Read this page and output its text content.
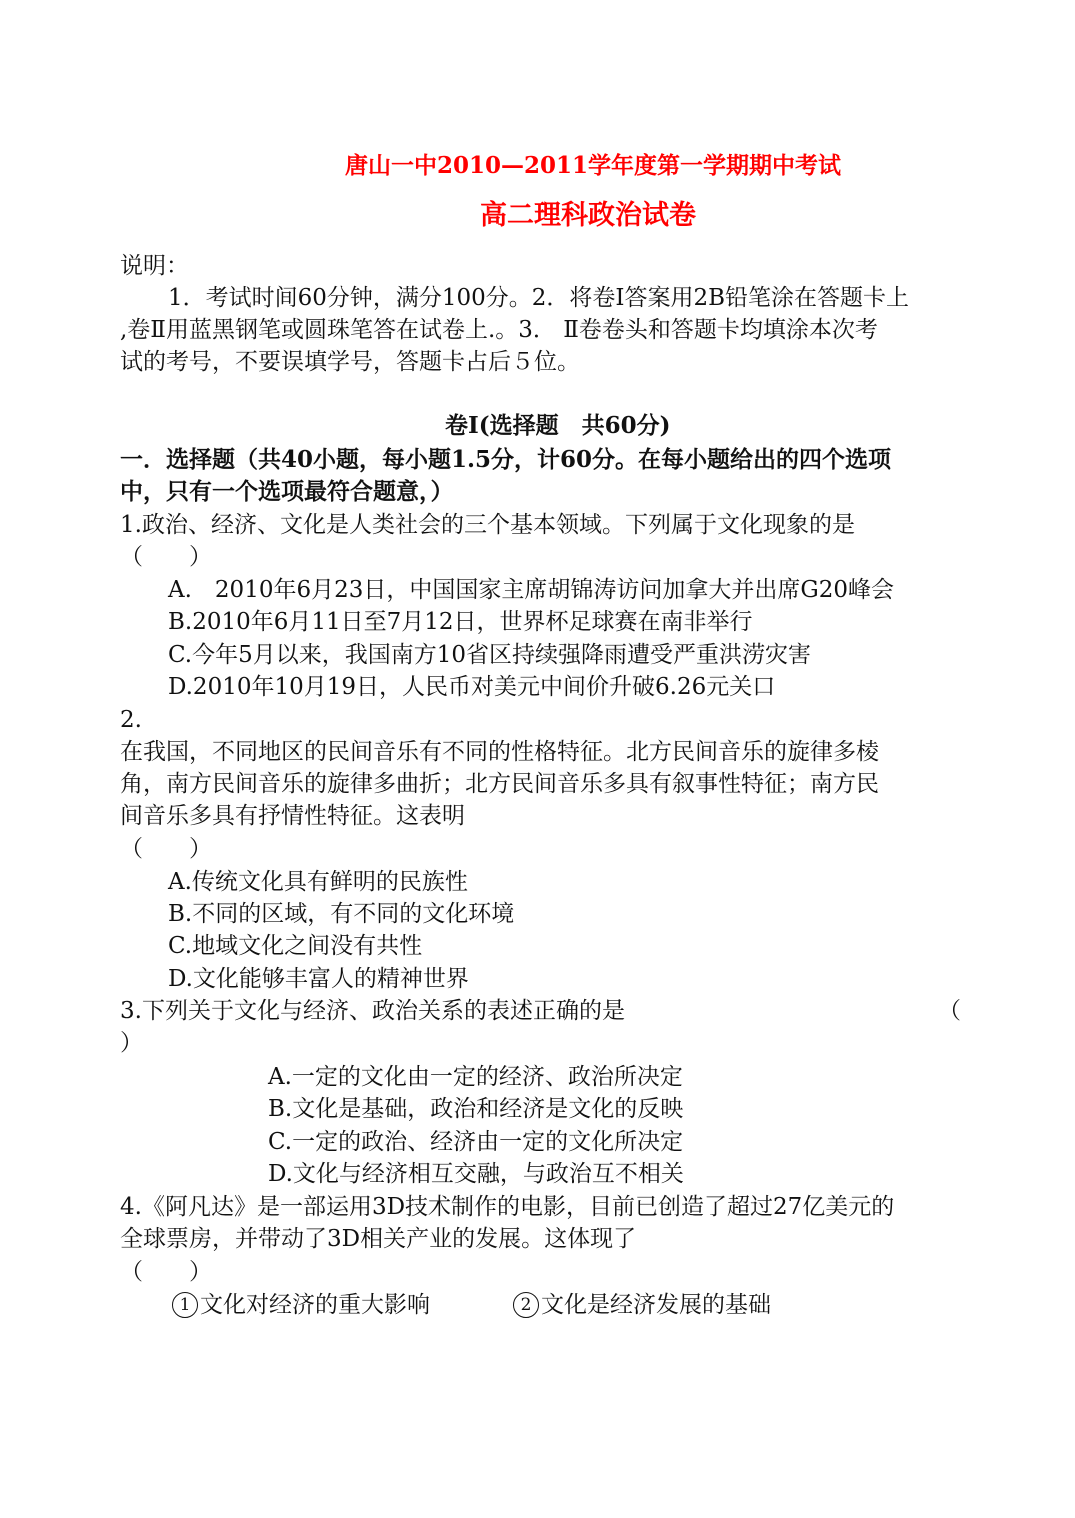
唐山一中2010—2011学年度第一学期期中考试
高二理科政治试卷
说明：
1．考试时间60分钟，满分100分。2．将卷Ⅰ答案用2B铅笔涂在答题卡上
,卷Ⅱ用蓝黑钢笔或圆珠笔答在试卷上.。3． Ⅱ卷卷头和答题卡均填涂本次考
试的考号，不要误填学号，答题卡占后５位。
卷Ⅰ(选择题　共60分)
一．选择题（共40小题，每小题1.5分，计60分。在每小题给出的四个选项
中，只有一个选项最符合题意，）
1.政治、经济、文化是人类社会的三个基本领域。下列属于文化现象的是
（　　）
A.　2010年6月23日，中国国家主席胡锦涛访问加拿大并出席G20峰会
B.2010年6月11日至7月12日，世界杯足球赛在南非举行
C.今年5月以来，我国南方10省区持续强降雨遭受严重洪涝灾害
D.2010年10月19日，人民币对美元中间价升破6.26元关口
2.
在我国，不同地区的民间音乐有不同的性格特征。北方民间音乐的旋律多棱
角，南方民间音乐的旋律多曲折；北方民间音乐多具有叙事性特征；南方民
间音乐多具有抒情性特征。这表明
（　　）
A.传统文化具有鲜明的民族性
B.不同的区域，有不同的文化环境
C.地域文化之间没有共性
D.文化能够丰富人的精神世界
3.下列关于文化与经济、政治关系的表述正确的是	（
）
A.一定的文化由一定的经济、政治所决定
B.文化是基础，政治和经济是文化的反映
C.一定的政治、经济由一定的文化所决定
D.文化与经济相互交融，与政治互不相关
4.《阿凡达》是一部运用3D技术制作的电影，目前已创造了超过27亿美元的
全球票房，并带动了3D相关产业的发展。这体现了
（　　）
1 文化对经济的重大影响	2 文化是经济发展的基础
